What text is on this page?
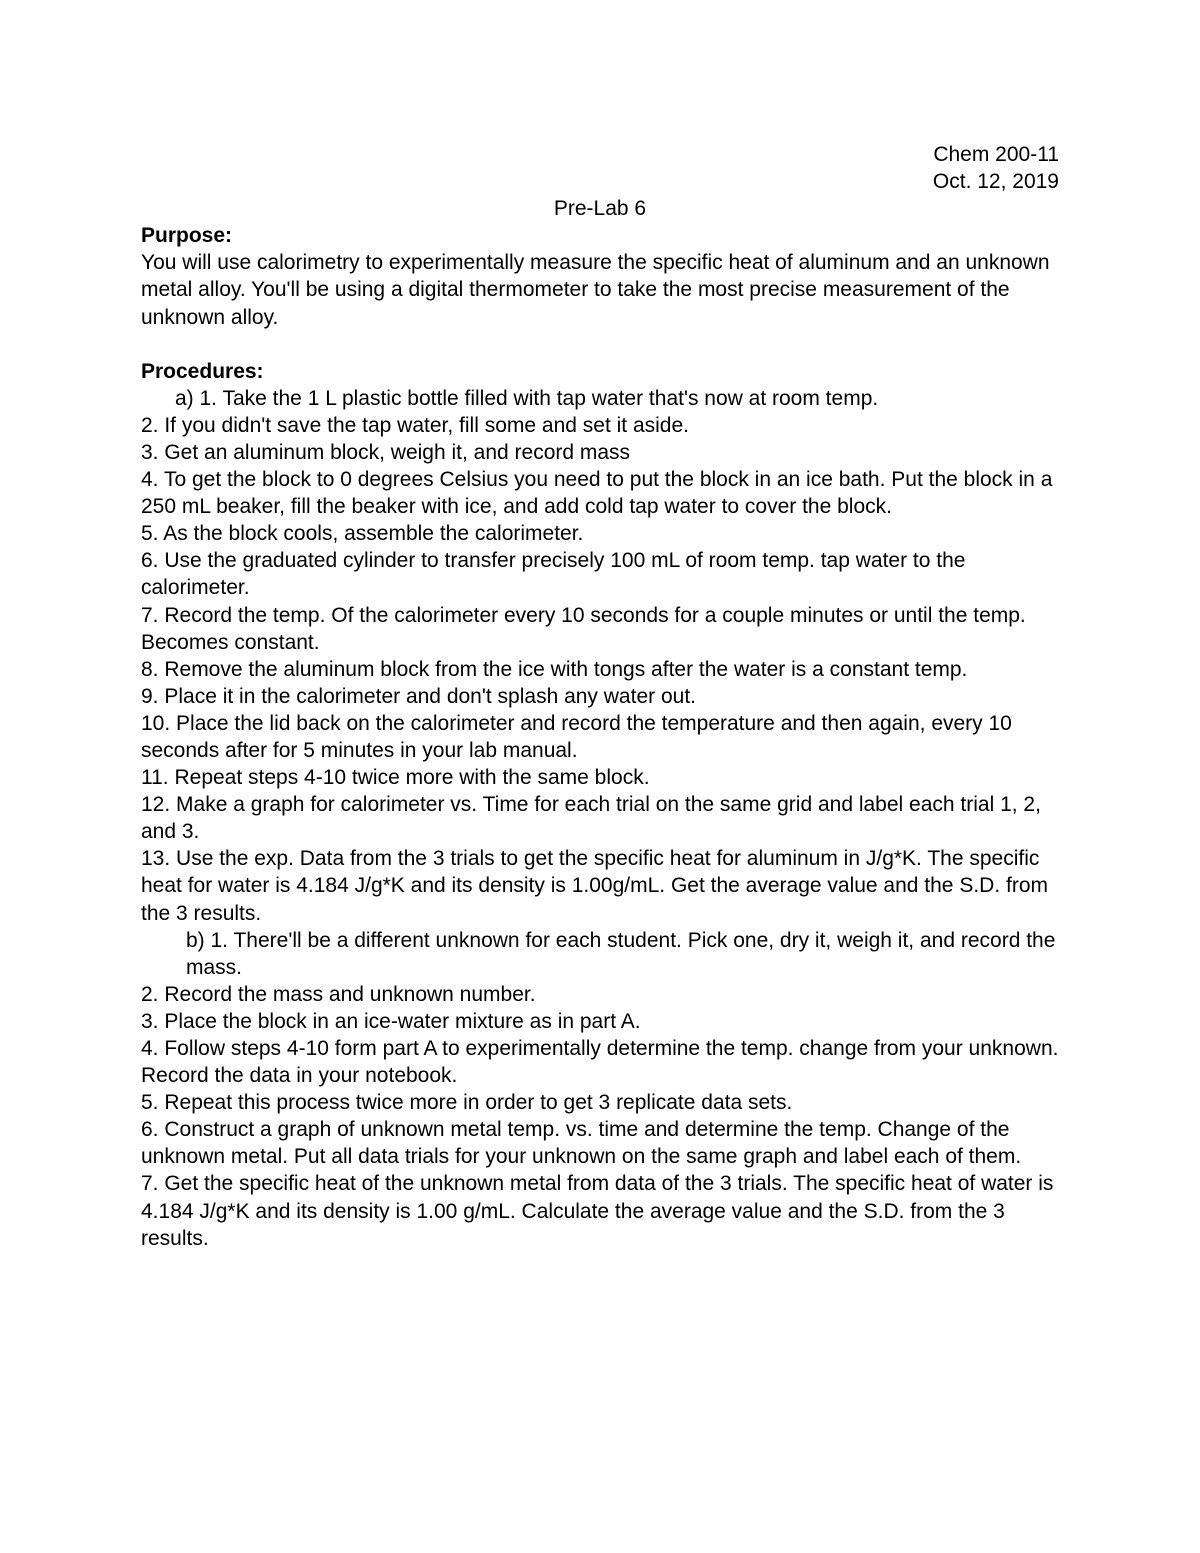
Chem 200-11
Oct. 12, 2019
Pre-Lab 6
Purpose:
You will use calorimetry to experimentally measure the specific heat of aluminum and an unknown metal alloy. You'll be using a digital thermometer to take the most precise measurement of the unknown alloy.
Procedures:
a) 1. Take the 1 L plastic bottle filled with tap water that's now at room temp.
2. If you didn't save the tap water, fill some and set it aside.
3. Get an aluminum block, weigh it, and record mass
4. To get the block to 0 degrees Celsius you need to put the block in an ice bath. Put the block in a 250 mL beaker, fill the beaker with ice, and add cold tap water to cover the block.
5. As the block cools, assemble the calorimeter.
6. Use the graduated cylinder to transfer precisely 100 mL of room temp. tap water to the calorimeter.
7. Record the temp. Of the calorimeter every 10 seconds for a couple minutes or until the temp. Becomes constant.
8. Remove the aluminum block from the ice with tongs after the water is a constant temp.
9. Place it in the calorimeter and don't splash any water out.
10. Place the lid back on the calorimeter and record the temperature and then again, every 10 seconds after for 5 minutes in your lab manual.
11. Repeat steps 4-10 twice more with the same block.
12. Make a graph for calorimeter vs. Time for each trial on the same grid and label each trial 1, 2, and 3.
13. Use the exp. Data from the 3 trials to get the specific heat for aluminum in J/g*K. The specific heat for water is 4.184 J/g*K and its density is 1.00g/mL. Get the average value and the S.D. from the 3 results.
b) 1. There'll be a different unknown for each student. Pick one, dry it, weigh it, and record the mass.
2. Record the mass and unknown number.
3. Place the block in an ice-water mixture as in part A.
4. Follow steps 4-10 form part A to experimentally determine the temp. change from your unknown. Record the data in your notebook.
5. Repeat this process twice more in order to get 3 replicate data sets.
6. Construct a graph of unknown metal temp. vs. time and determine the temp. Change of the unknown metal. Put all data trials for your unknown on the same graph and label each of them.
7. Get the specific heat of the unknown metal from data of the 3 trials. The specific heat of water is 4.184 J/g*K and its density is 1.00 g/mL. Calculate the average value and the S.D. from the 3 results.
